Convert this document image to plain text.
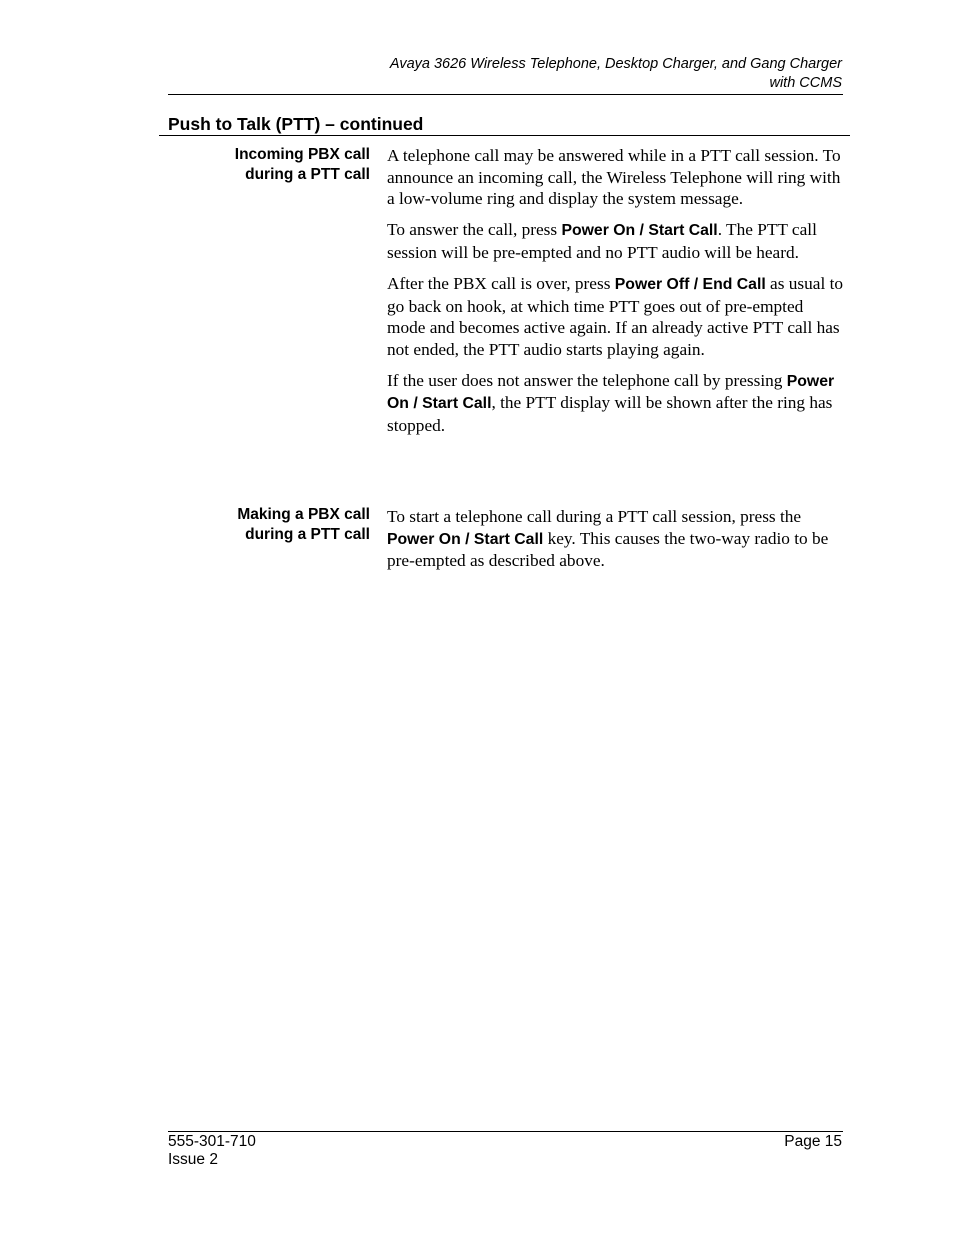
Avaya 3626 Wireless Telephone, Desktop Charger, and Gang Charger
with CCMS
Push to Talk (PTT) – continued
Incoming PBX call
during a PTT call

A telephone call may be answered while in a PTT call session. To announce an incoming call, the Wireless Telephone will ring with a low-volume ring and display the system message.

To answer the call, press Power On / Start Call. The PTT call session will be pre-empted and no PTT audio will be heard.

After the PBX call is over, press Power Off / End Call as usual to go back on hook, at which time PTT goes out of pre-empted mode and becomes active again. If an already active PTT call has not ended, the PTT audio starts playing again.

If the user does not answer the telephone call by pressing Power On / Start Call, the PTT display will be shown after the ring has stopped.

Making a PBX call
during a PTT call

To start a telephone call during a PTT call session, press the Power On / Start Call key. This causes the two-way radio to be pre-empted as described above.

555-301-710
Issue 2
Page 15
